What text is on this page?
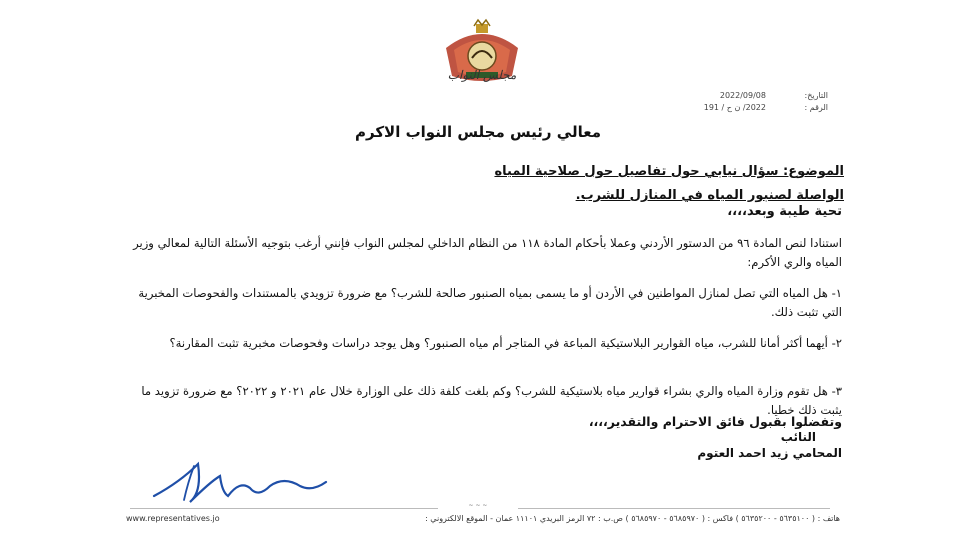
مجلس النواب
التاريخ: 2022/09/08
الرقم : 2022/ ن ح / 191
معالي رئيس مجلس النواب الاكرم
الموضوع: سؤال نيابي حول تفاصيل حول صلاحية المياه
الواصلة لصنبور المياه في المنازل للشرب.
تحية طيبة وبعد،،،،
استنادا لنص المادة ٩٦ من الدستور الأردني وعملا بأحكام المادة ١١٨ من النظام الداخلي لمجلس النواب فإنني أرغب بتوجيه الأسئلة التالية لمعالي وزير المياه والري الأكرم:
١- هل المياه التي تصل لمنازل المواطنين في الأردن أو ما يسمى بمياه الصنبور صالحة للشرب؟ مع ضرورة تزويدي بالمستندات والفحوصات المخبرية التي تثبت ذلك.
٢- أيهما أكثر أمانا للشرب، مياه القوارير البلاستيكية المباعة في المتاجر أم مياه الصنبور؟ وهل يوجد دراسات وفحوصات مخبرية تثبت المقارنة؟
٣- هل تقوم وزارة المياه والري بشراء قوارير مياه بلاستيكية للشرب؟ وكم بلغت كلفة ذلك على الوزارة خلال عام ٢٠٢١ و ٢٠٢٢؟ مع ضرورة تزويد ما يثبت ذلك خطيا.
وتفضلوا بقبول فائق الاحترام والتقدير،،،،
النائب
المحامي زيد احمد العتوم
~ ~ ~
هاتف : ( ٥٦٣٥١٠٠ - ٥٦٣٥٢٠٠ ) فاكس : ( ٥٦٨٥٩٧٠ - ٥٦٨٥٩٧٠ ) ص.ب : ٧٢ الرمز البريدي ١١١٠١ عمان - الموقع الالكتروني :
www.representatives.jo
